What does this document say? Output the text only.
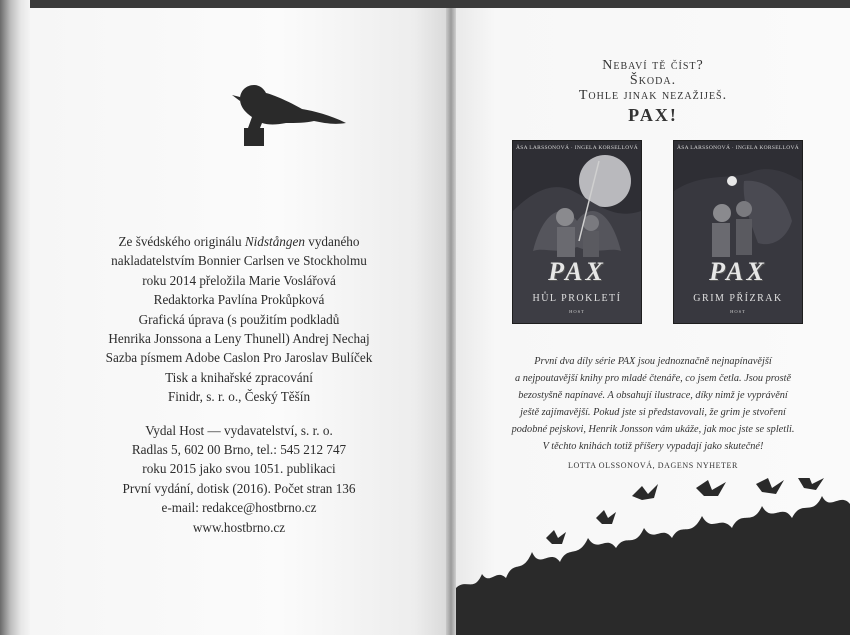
Ze švédského originálu Nidstången vydaného

nakladatelstvím Bonnier Carlsen ve Stockholmu

roku 2014 přeložila Marie Voslářová

Redaktorka Pavlína Prokůpková

Grafická úprava (s použitím podkladů

Henrika Jonssona a Leny Thunell) Andrej Nechaj

Sazba písmem Adobe Caslon Pro Jaroslav Bulíček

Tisk a knihařské zpracování

Finidr, s. r. o., Český Těšín

Vydal Host — vydavatelství, s. r. o.

Radlas 5, 602 00 Brno, tel.: 545 212 747

roku 2015 jako svou 1051. publikaci

První vydání, dotisk (2016). Počet stran 136

e-mail: redakce@hostbrno.cz

www.hostbrno.cz

Nebaví tě číst?
Škoda.
Tohle jinak nezažiješ.
PAX!
ÅSA LARSSONOVÁ · INGELA KORSELLOVÁ
PAX
HŮL PROKLETÍ
HOST
ÅSA LARSSONOVÁ · INGELA KORSELLOVÁ
PAX
GRIM PŘÍZRAK
HOST

První dva díly série PAX jsou jednoznačně nejnapínavější

a nejpoutavější knihy pro mladé čtenáře, co jsem četla. Jsou prostě

bezostyšně napínavé. A obsahují ilustrace, díky nimž je vyprávění

ještě zajímavější. Pokud jste si představovali, že grim je stvoření

podobné pejskovi, Henrik Jonsson vám ukáže, jak moc jste se spletli.

V těchto knihách totiž příšery vypadají jako skutečné!

LOTTA OLSSONOVÁ, DAGENS NYHETER
